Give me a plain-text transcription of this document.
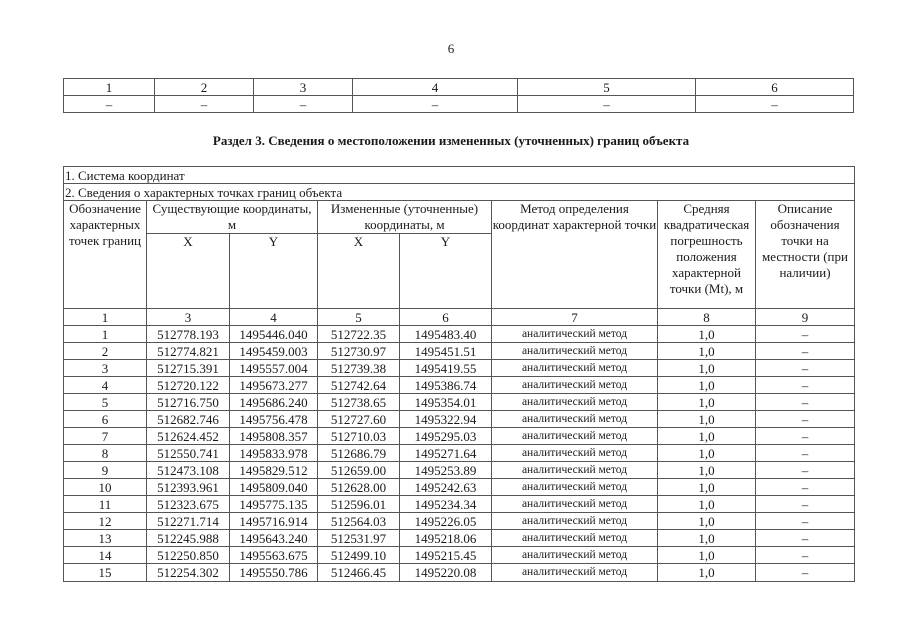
6
1	2	3	4	5	6
–	–	–	–	–	–
Раздел 3. Сведения о местоположении измененных (уточненных) границ объекта
1. Система координат							
2. Сведения о характерных точках границ объекта							
Обозначение характерных точек границ	Существующие координаты, м		Измененные (уточненные) координаты, м		Метод определения координат характерной точки	Средняя квадратическая погрешность положения характерной точки (Mt), м	Описание обозначения точки на местности (при наличии)
	X	Y	X	Y			
1	3	4	5	6	7	8	9
1	512778.193	1495446.040	512722.35	1495483.40	аналитический метод	1,0	–
2	512774.821	1495459.003	512730.97	1495451.51	аналитический метод	1,0	–
3	512715.391	1495557.004	512739.38	1495419.55	аналитический метод	1,0	–
4	512720.122	1495673.277	512742.64	1495386.74	аналитический метод	1,0	–
5	512716.750	1495686.240	512738.65	1495354.01	аналитический метод	1,0	–
6	512682.746	1495756.478	512727.60	1495322.94	аналитический метод	1,0	–
7	512624.452	1495808.357	512710.03	1495295.03	аналитический метод	1,0	–
8	512550.741	1495833.978	512686.79	1495271.64	аналитический метод	1,0	–
9	512473.108	1495829.512	512659.00	1495253.89	аналитический метод	1,0	–
10	512393.961	1495809.040	512628.00	1495242.63	аналитический метод	1,0	–
11	512323.675	1495775.135	512596.01	1495234.34	аналитический метод	1,0	–
12	512271.714	1495716.914	512564.03	1495226.05	аналитический метод	1,0	–
13	512245.988	1495643.240	512531.97	1495218.06	аналитический метод	1,0	–
14	512250.850	1495563.675	512499.10	1495215.45	аналитический метод	1,0	–
15	512254.302	1495550.786	512466.45	1495220.08	аналитический метод	1,0	–
